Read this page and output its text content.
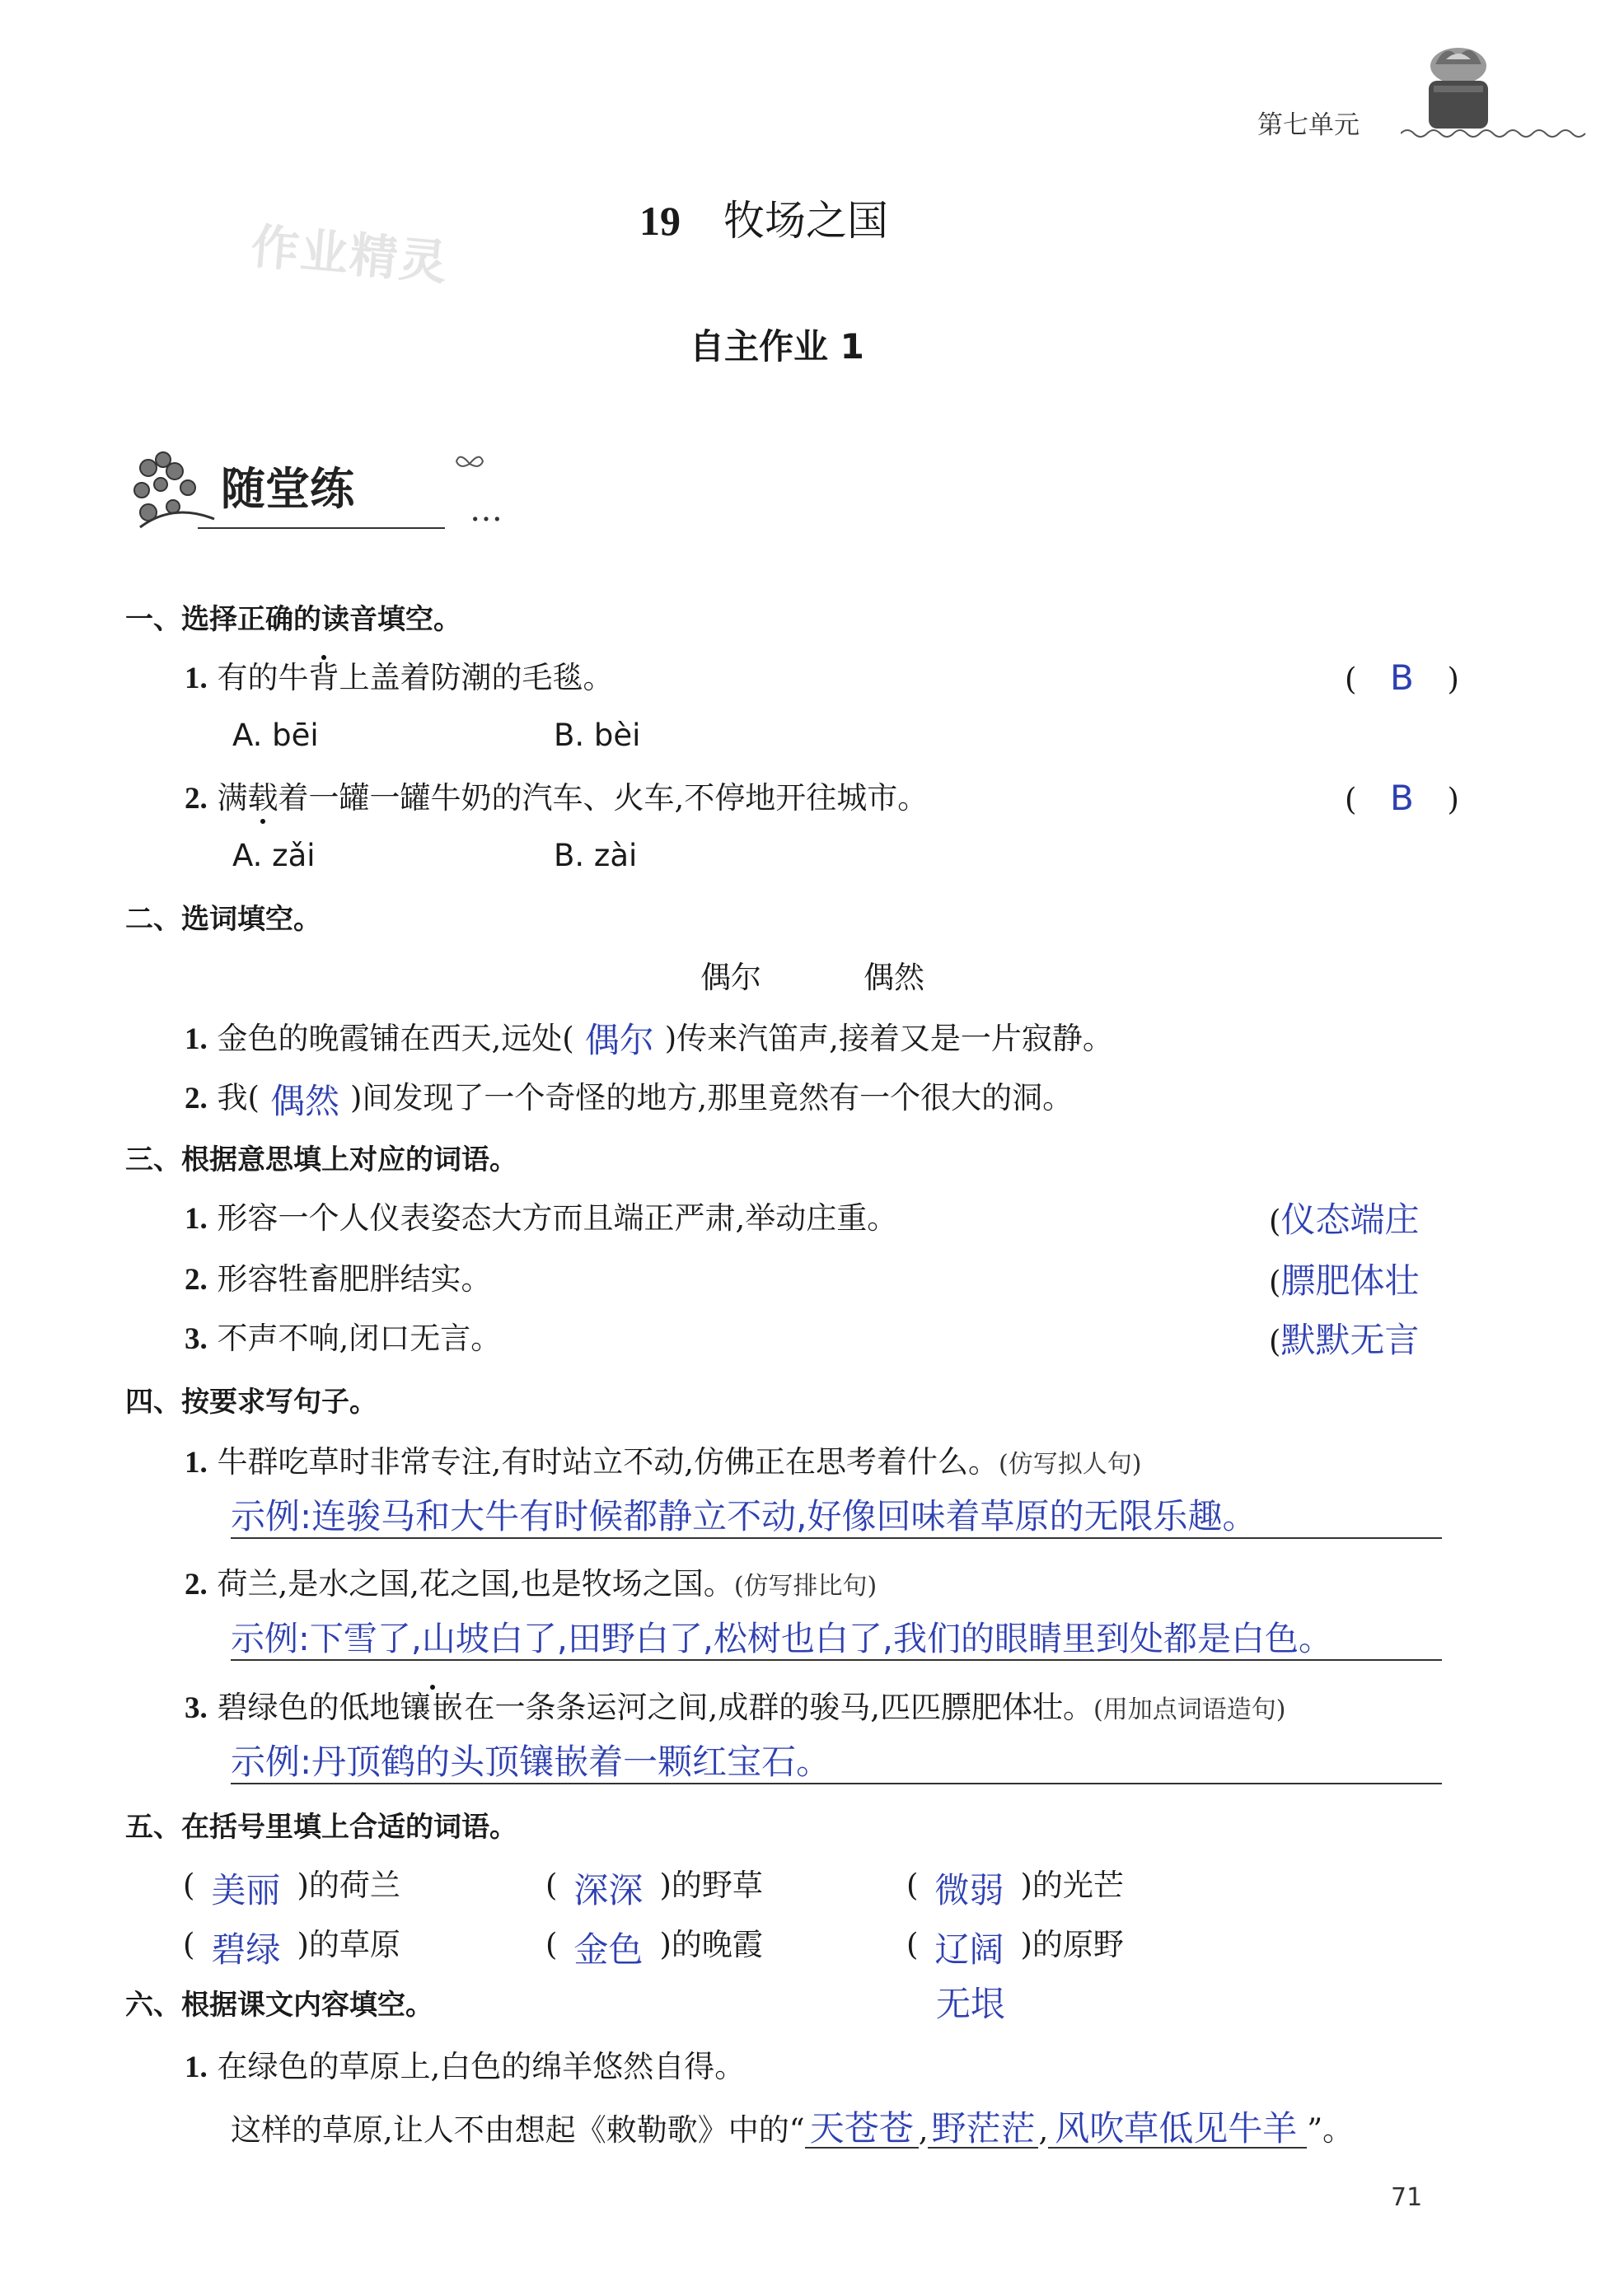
第七单元
19 牧场之国
作业精灵
自主作业 1
随堂练	…
一、选择正确的读音填空。
1. 有的牛背上盖着防潮的毛毯。	( B )
A. bēi	B. bèi
2. 满载着一罐一罐牛奶的汽车、火车,不停地开往城市。	( B )
A. zǎi	B. zài
二、选词填空。
偶尔	偶然
1. 金色的晚霞铺在西天,远处( 偶尔 )传来汽笛声,接着又是一片寂静。
2. 我( 偶然 )间发现了一个奇怪的地方,那里竟然有一个很大的洞。
三、根据意思填上对应的词语。
1. 形容一个人仪表姿态大方而且端正严肃,举动庄重。	(仪态端庄
2. 形容牲畜肥胖结实。	(膘肥体壮
3. 不声不响,闭口无言。	(默默无言
四、按要求写句子。
1. 牛群吃草时非常专注,有时站立不动,仿佛正在思考着什么。(仿写拟人句)
示例:连骏马和大牛有时候都静立不动,好像回味着草原的无限乐趣。
2. 荷兰,是水之国,花之国,也是牧场之国。(仿写排比句)
示例:下雪了,山坡白了,田野白了,松树也白了,我们的眼睛里到处都是白色。
3. 碧绿色的低地镶嵌在一条条运河之间,成群的骏马,匹匹膘肥体壮。(用加点词语造句)
示例:丹顶鹤的头顶镶嵌着一颗红宝石。
五、在括号里填上合适的词语。
( 美丽 )的荷兰	( 深深 )的野草	( 微弱 )的光芒
( 碧绿 )的草原	( 金色 )的晚霞	( 辽阔 )的原野
无垠
六、根据课文内容填空。
1. 在绿色的草原上,白色的绵羊悠然自得。
这样的草原,让人不由想起《敕勒歌》中的“ 天苍苍 ,野茫茫 , 风吹草低见牛羊 ”。
71
